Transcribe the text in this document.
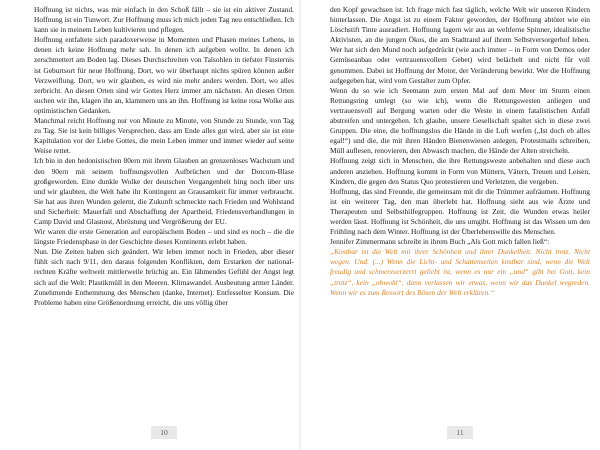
Hoffnung ist nichts, was mir einfach in den Schoß fällt – sie ist ein aktiver Zustand. Hoffnung ist ein Tunwort. Zur Hoffnung muss ich mich jeden Tag neu entschließen. Ich kann sie in meinem Leben kultivieren und pflegen.

Hoffnung entfaltete sich paradoxerweise in Momenten und Phasen meines Lebens, in denen ich keine Hoffnung mehr sah. In denen ich aufgeben wollte. In denen ich zerschmettert am Boden lag. Dieses Durchschreiten von Talsohlen in tiefster Finsternis ist Geburtsort für neue Hoffnung. Dort, wo wir überhaupt nichts spüren können außer Verzweiflung. Dort, wo wir glauben, es wird nie mehr anders werden. Dort, wo alles zerbricht. An diesen Orten sind wir Gottes Herz immer am nächsten. An diesen Orten suchen wir ihn, klagen ihn an, klammern uns an ihn. Hoffnung ist keine rosa Wolke aus optimistischen Gedanken.

Manchmal reicht Hoffnung nur von Minute zu Minute, von Stunde zu Stunde, von Tag zu Tag. Sie ist kein billiges Versprechen, dass am Ende alles gut wird, aber sie ist eine Kapitulation vor der Liebe Gottes, die mein Leben immer und immer wieder auf seine Weise rettet.

Ich bin in den hedonistischen 80ern mit ihrem Glauben an grenzenloses Wachstum und den 90ern mit seinem hoffnungsvollen Aufbrüchen und der Dotcom-Blase großgeworden. Eine dunkle Wolke der deutschen Vergangenheit hing noch über uns und wir glaubten, die Welt habe ihr Kontingent an Grausamkeit für immer verbraucht. Sie hat aus ihren Wunden gelernt, die Zukunft schmeckte nach Frieden und Wohlstand und Sicherheit: Mauerfall und Abschaffung der Apartheid, Friedensverhandlungen in Camp David und Glasnost, Abrüstung und Vergrößerung der EU.

Wir waren die erste Generation auf europäischem Boden – und sind es noch – die die längste Friedensphase in der Geschichte dieses Kontinents erlebt haben.

Nun. Die Zeiten haben sich geändert. Wir leben immer noch in Frieden, aber dieser fühlt sich nach 9/11, den daraus folgenden Konflikten, dem Erstarken der national-rechten Kräfte weltweit mittlerweile brüchig an. Ein lähmendes Gefühl der Angst legt sich auf die Welt: Plastikmüll in den Meeren. Klimawandel. Ausbeutung armer Länder. Zunehmende Enthemmung des Menschen (danke, Internet). Entfesselter Konsum. Die Probleme haben eine Größenordnung erreicht, die uns völlig über

10

den Kopf gewachsen ist. Ich frage mich fast täglich, welche Welt wir unseren Kindern hinterlassen. Die Angst ist zu einem Faktor geworden, der Hoffnung abtötet wie ein Löschstift Tinte ausradiert. Hoffnung lagern wir aus an weltferne Spinner, idealistische Aktivisten, an die jungen Ökos, die am Stadtrand auf ihrem Selbstversorgerhof leben. Wer hat sich den Mund noch aufgedrückt (wie auch immer – in Form von Demos oder Gemüseanbau oder vertrauensvollem Gebet) wird belächelt und nicht für voll genommen. Dabei ist Hoffnung der Motor, der Veränderung bewirkt. Wer die Hoffnung aufgegeben hat, wird vom Gestalter zum Opfer.

Wenn du so wie ich Seemann zum ersten Mal auf dem Meer im Sturm einen Rettungsring umlegt (so wie ich), wenn die Rettungswesten anliegen und vertrauensvoll auf Bergung warten oder die Weste in einem fatalistischen Anfall abstreifen und untergehen. Ich glaube, unsere Gesellschaft spaltet sich in diese zwei Gruppen. Die eine, die hoffnungslos die Hände in die Luft werfen („Ist doch eh alles egal!“) und die, die mit ihren Händen Bienenwiesen anlegen, Protestmails schreiben, Müll auflesen, renovieren, den Abwasch machen, die Hände der Alten streicheln.

Hoffnung zeigt sich in Menschen, die ihre Rettungsweste anbehalten und diese auch anderen anziehen. Hoffnung kommt in Form von Müttern, Vätern, Treuen und Leisen, Kindern, die gegen den Status Quo protestieren und Verletzten, die vergeben.

Hoffnung, das sind Freunde, die gemeinsam mit dir die Trümmer aufräumen. Hoffnung ist ein weiterer Tag, den man überlebt hat. Hoffnung sieht aus wie Ärzte und Therapeuten und Selbsthilfegruppen. Hoffnung ist Zeit, die Wunden etwas heiler werden lässt. Hoffnung ist Schönheit, die uns umgibt. Hoffnung ist das Wissen um den Frühling nach dem Winter. Hoffnung ist der Überlebenswille des Menschen.

Jennifer Zimmermann schreibt in ihrem Buch „Als Gott mich fallen ließ“:

„Kostbar ist die Welt mit ihrer Schönheit und ihrer Dunkelheit. Nicht trotz. Nicht wegen. Und. (...) Wenn die Licht- und Schattenseiten kostbar sind, wenn die Welt freudig und schmerzverzerrt geliebt ist, wenn es nur ein „und“ gibt bei Gott, kein „trotz“, kein „obwohl“, dann verlassen wir etwas, wenn wir das Dunkel wegreden. Wenn wir es zum Ressort des Bösen der Welt erklären.“

11
